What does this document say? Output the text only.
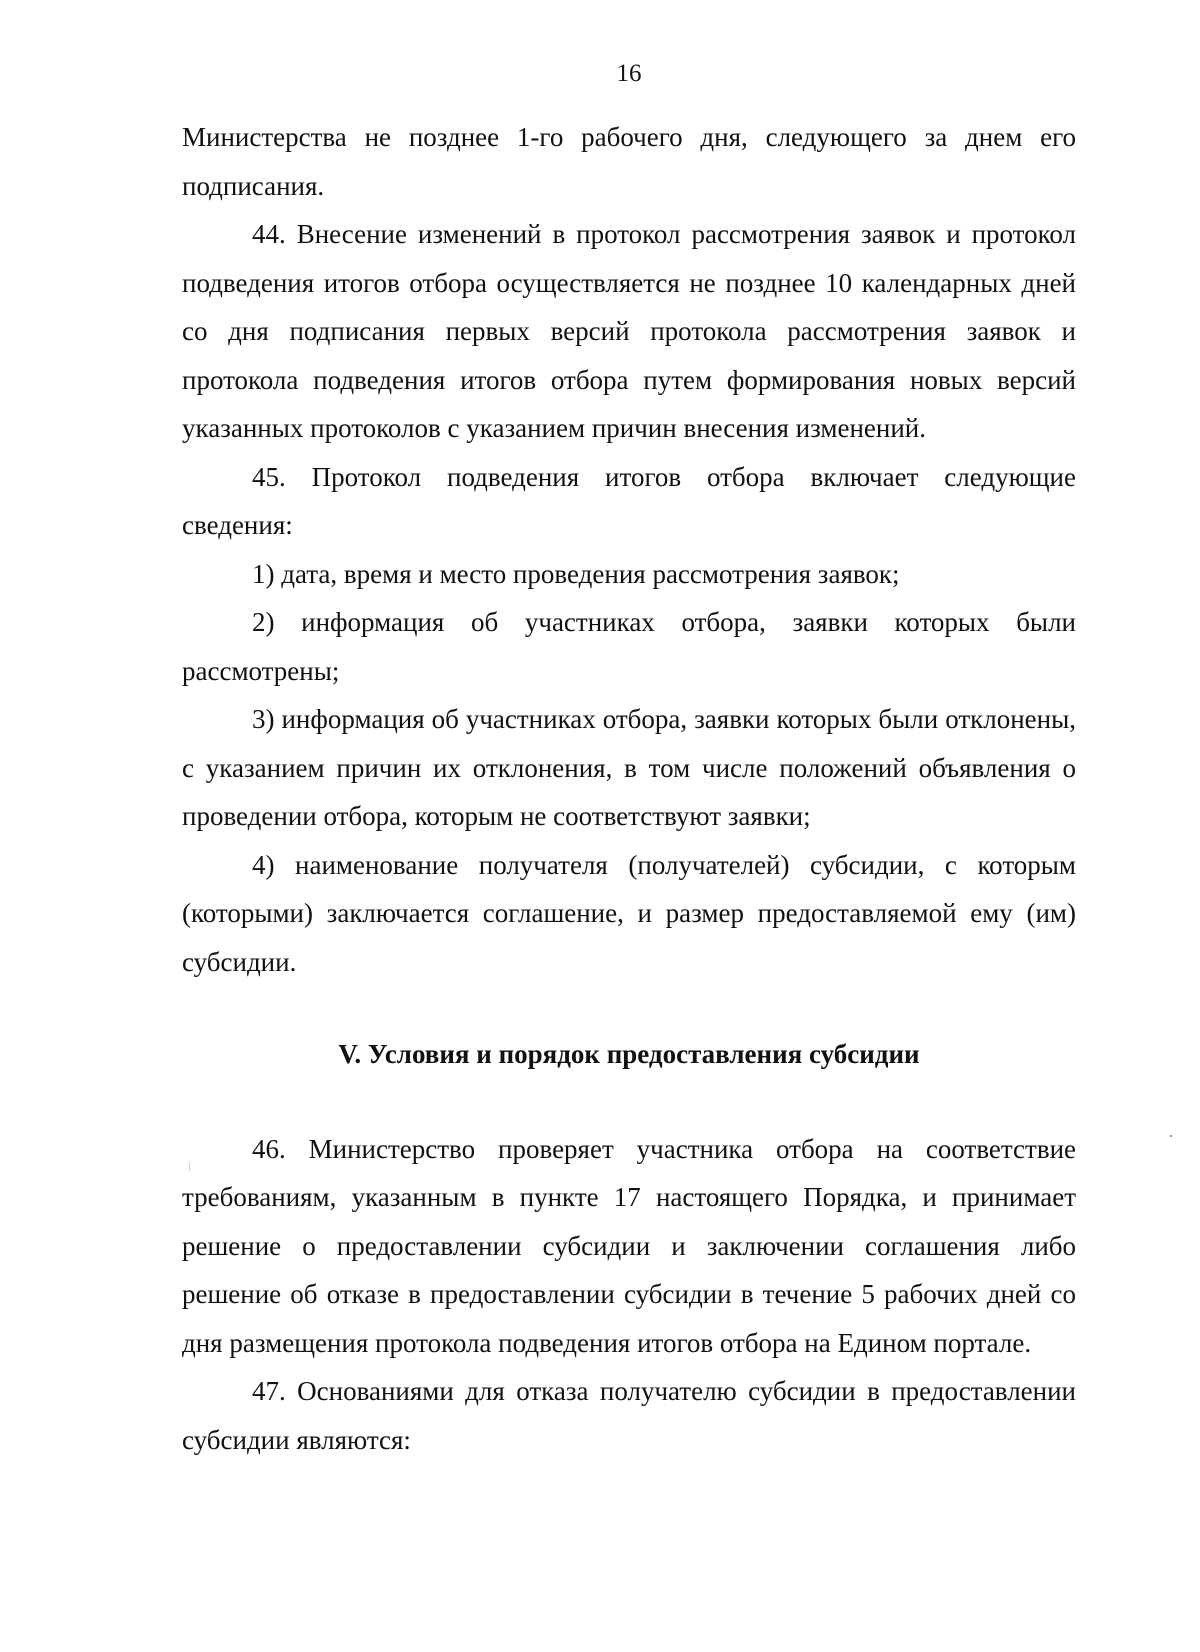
16

Министерства не позднее 1-го рабочего дня, следующего за днем его подписания.

44. Внесение изменений в протокол рассмотрения заявок и протокол подведения итогов отбора осуществляется не позднее 10 календарных дней со дня подписания первых версий протокола рассмотрения заявок и протокола подведения итогов отбора путем формирования новых версий указанных протоколов с указанием причин внесения изменений.

45. Протокол подведения итогов отбора включает следующие сведения:

1) дата, время и место проведения рассмотрения заявок;

2) информация об участниках отбора, заявки которых были рассмотрены;

3) информация об участниках отбора, заявки которых были отклонены, с указанием причин их отклонения, в том числе положений объявления о проведении отбора, которым не соответствуют заявки;

4) наименование получателя (получателей) субсидии, с которым (которыми) заключается соглашение, и размер предоставляемой ему (им) субсидии.

V. Условия и порядок предоставления субсидии

46. Министерство проверяет участника отбора на соответствие требованиям, указанным в пункте 17 настоящего Порядка, и принимает решение о предоставлении субсидии и заключении соглашения либо решение об отказе в предоставлении субсидии в течение 5 рабочих дней со дня размещения протокола подведения итогов отбора на Едином портале.

47. Основаниями для отказа получателю субсидии в предоставлении субсидии являются:
